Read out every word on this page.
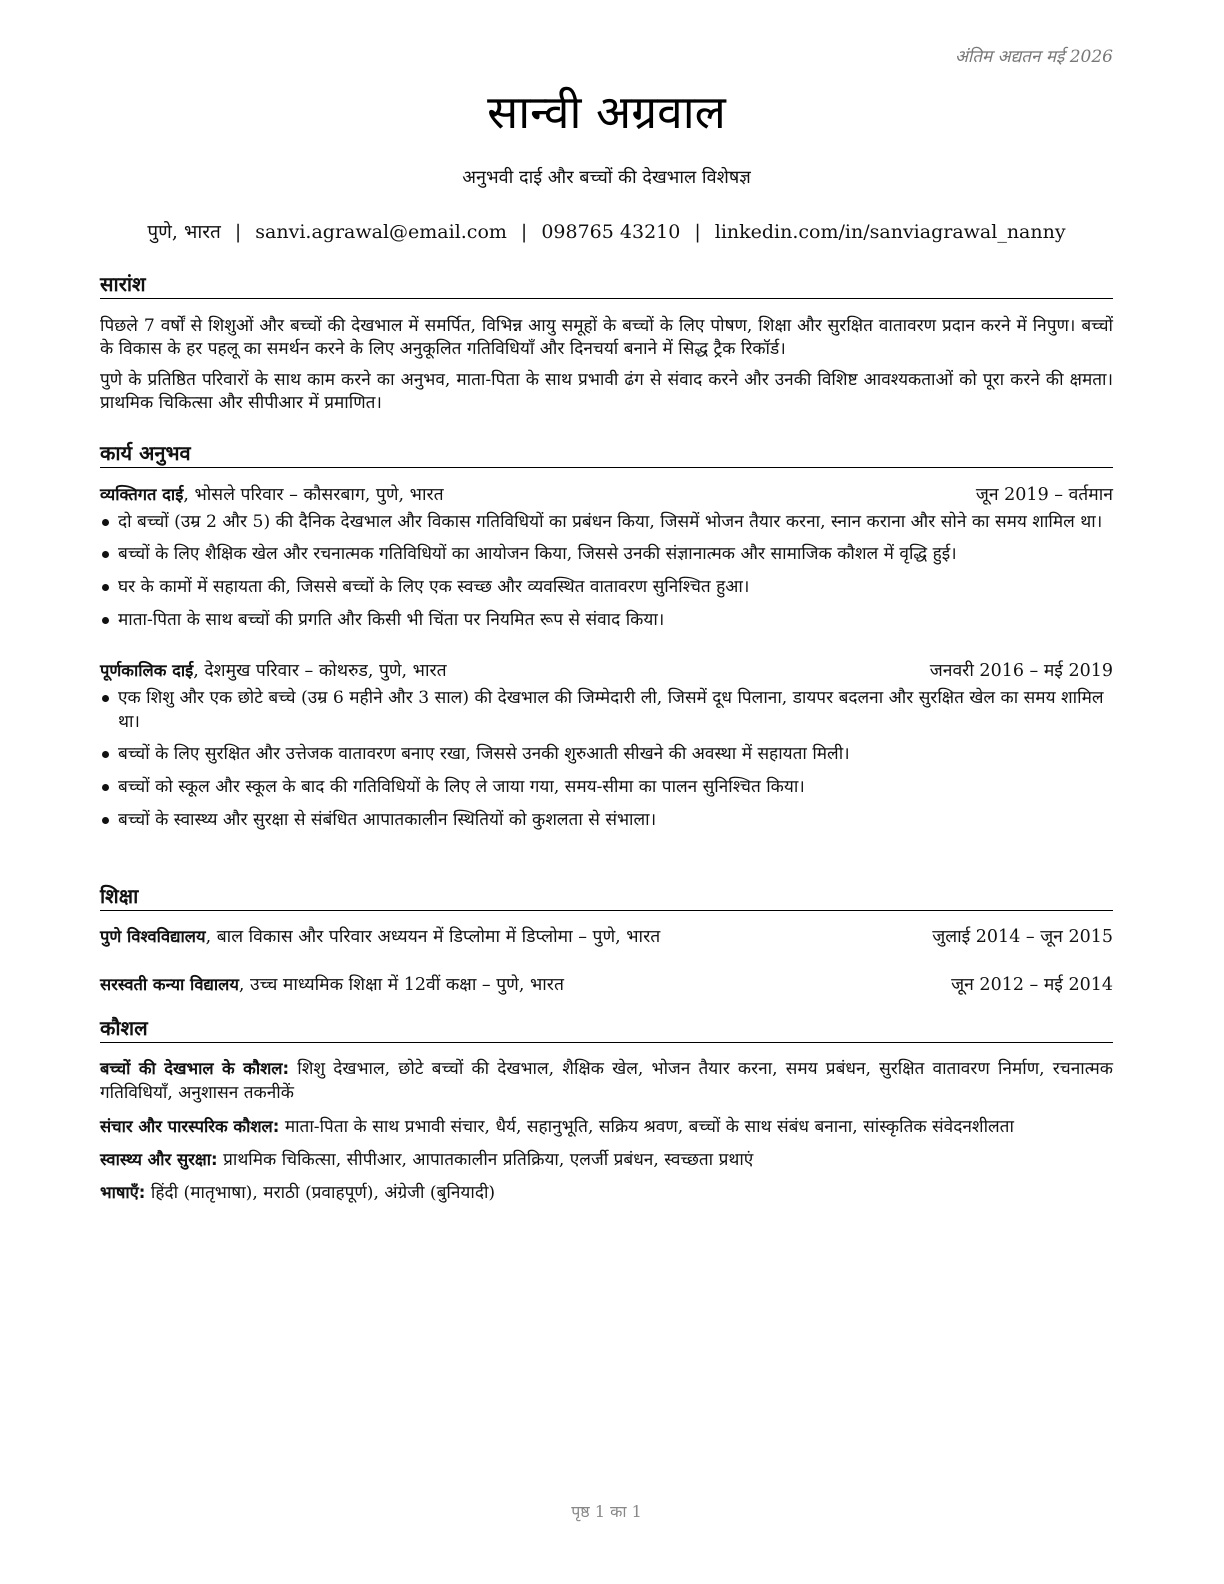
अंतिम अद्यतन मई 2026
सान्वी अग्रवाल
अनुभवी दाई और बच्चों की देखभाल विशेषज्ञ
पुणे, भारत | sanvi.agrawal@email.com | 098765 43210 | linkedin.com/in/sanviagrawal_nanny
सारांश

पिछले 7 वर्षों से शिशुओं और बच्चों की देखभाल में समर्पित, विभिन्न आयु समूहों के बच्चों के लिए पोषण, शिक्षा और सुरक्षित वातावरण प्रदान करने में निपुण। बच्चों के विकास के हर पहलू का समर्थन करने के लिए अनुकूलित गतिविधियाँ और दिनचर्या बनाने में सिद्ध ट्रैक रिकॉर्ड।

पुणे के प्रतिष्ठित परिवारों के साथ काम करने का अनुभव, माता-पिता के साथ प्रभावी ढंग से संवाद करने और उनकी विशिष्ट आवश्यकताओं को पूरा करने की क्षमता। प्राथमिक चिकित्सा और सीपीआर में प्रमाणित।

कार्य अनुभव
व्यक्तिगत दाई, भोसले परिवार – कौसरबाग, पुणे, भारत	जून 2019 – वर्तमान
दो बच्चों (उम्र 2 और 5) की दैनिक देखभाल और विकास गतिविधियों का प्रबंधन किया, जिसमें भोजन तैयार करना, स्नान कराना और सोने का समय शामिल था।
बच्चों के लिए शैक्षिक खेल और रचनात्मक गतिविधियों का आयोजन किया, जिससे उनकी संज्ञानात्मक और सामाजिक कौशल में वृद्धि हुई।
घर के कामों में सहायता की, जिससे बच्चों के लिए एक स्वच्छ और व्यवस्थित वातावरण सुनिश्चित हुआ।
माता-पिता के साथ बच्चों की प्रगति और किसी भी चिंता पर नियमित रूप से संवाद किया।
पूर्णकालिक दाई, देशमुख परिवार – कोथरुड, पुणे, भारत	जनवरी 2016 – मई 2019
एक शिशु और एक छोटे बच्चे (उम्र 6 महीने और 3 साल) की देखभाल की जिम्मेदारी ली, जिसमें दूध पिलाना, डायपर बदलना और सुरक्षित खेल का समय शामिल था।
बच्चों के लिए सुरक्षित और उत्तेजक वातावरण बनाए रखा, जिससे उनकी शुरुआती सीखने की अवस्था में सहायता मिली।
बच्चों को स्कूल और स्कूल के बाद की गतिविधियों के लिए ले जाया गया, समय-सीमा का पालन सुनिश्चित किया।
बच्चों के स्वास्थ्य और सुरक्षा से संबंधित आपातकालीन स्थितियों को कुशलता से संभाला।
शिक्षा
पुणे विश्वविद्यालय, बाल विकास और परिवार अध्ययन में डिप्लोमा में डिप्लोमा – पुणे, भारत	जुलाई 2014 – जून 2015
सरस्वती कन्या विद्यालय, उच्च माध्यमिक शिक्षा में 12वीं कक्षा – पुणे, भारत	जून 2012 – मई 2014
कौशल

बच्चों की देखभाल के कौशल: शिशु देखभाल, छोटे बच्चों की देखभाल, शैक्षिक खेल, भोजन तैयार करना, समय प्रबंधन, सुरक्षित वातावरण निर्माण, रचनात्मक गतिविधियाँ, अनुशासन तकनीकें

संचार और पारस्परिक कौशल: माता-पिता के साथ प्रभावी संचार, धैर्य, सहानुभूति, सक्रिय श्रवण, बच्चों के साथ संबंध बनाना, सांस्कृतिक संवेदनशीलता

स्वास्थ्य और सुरक्षा: प्राथमिक चिकित्सा, सीपीआर, आपातकालीन प्रतिक्रिया, एलर्जी प्रबंधन, स्वच्छता प्रथाएं

भाषाएँ: हिंदी (मातृभाषा), मराठी (प्रवाहपूर्ण), अंग्रेजी (बुनियादी)

पृष्ठ 1 का 1
